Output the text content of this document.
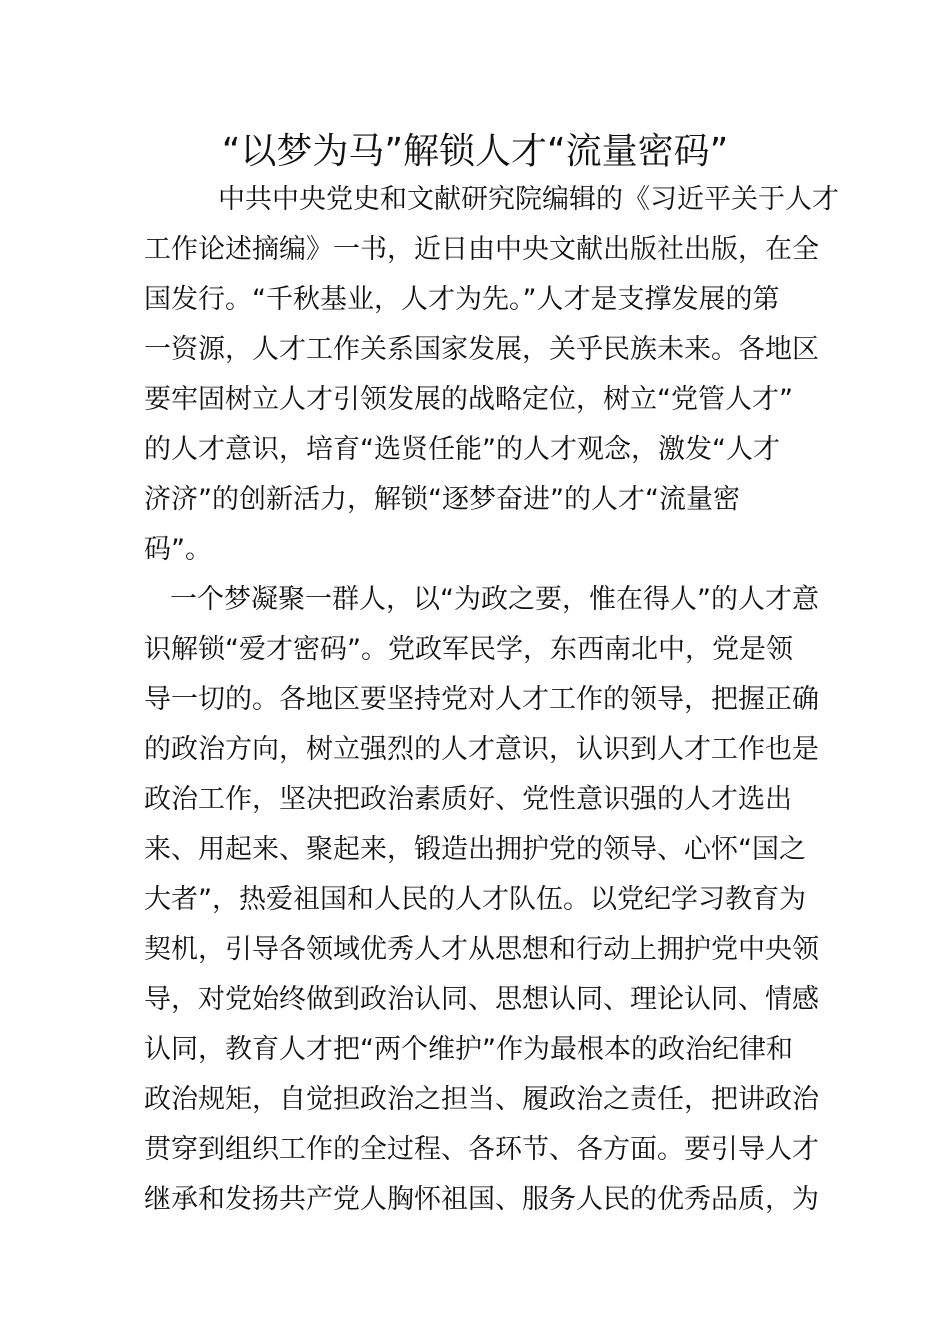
“以梦为马”解锁人才“流量密码”
中共中央党史和文献研究院编辑的《习近平关于人才
工作论述摘编》一书，近日由中央文献出版社出版，在全
国发行。“千秋基业，人才为先。”人才是支撑发展的第
一资源，人才工作关系国家发展，关乎民族未来。各地区
要牢固树立人才引领发展的战略定位，树立“党管人才”
的人才意识，培育“选贤任能”的人才观念，激发“人才
济济”的创新活力，解锁“逐梦奋进”的人才“流量密
码”。
一个梦凝聚一群人，以“为政之要，惟在得人”的人才意
识解锁“爱才密码”。党政军民学，东西南北中，党是领
导一切的。各地区要坚持党对人才工作的领导，把握正确
的政治方向，树立强烈的人才意识，认识到人才工作也是
政治工作，坚决把政治素质好、党性意识强的人才选出
来、用起来、聚起来，锻造出拥护党的领导、心怀“国之
大者”，热爱祖国和人民的人才队伍。以党纪学习教育为
契机，引导各领域优秀人才从思想和行动上拥护党中央领
导，对党始终做到政治认同、思想认同、理论认同、情感
认同，教育人才把“两个维护”作为最根本的政治纪律和
政治规矩，自觉担政治之担当、履政治之责任，把讲政治
贯穿到组织工作的全过程、各环节、各方面。要引导人才
继承和发扬共产党人胸怀祖国、服务人民的优秀品质，为
